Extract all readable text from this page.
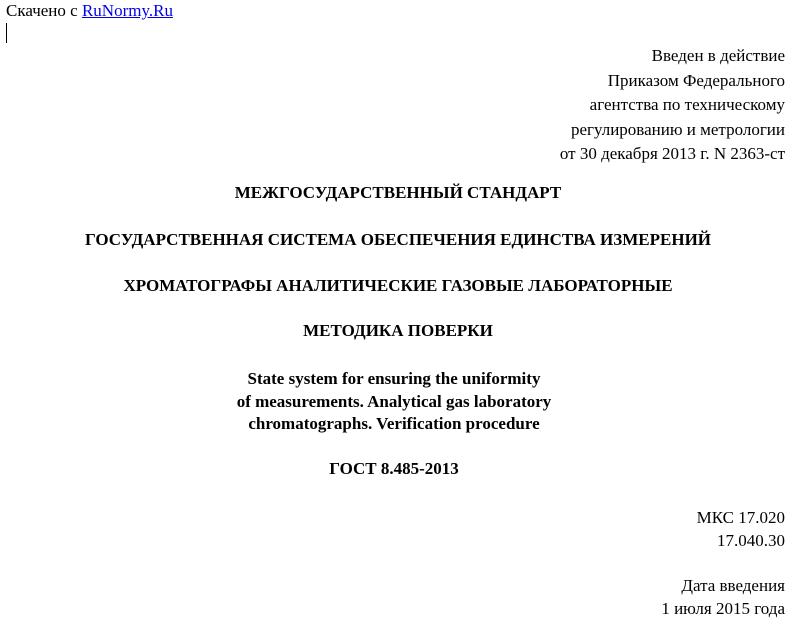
Скачено с RuNormy.Ru
Введен в действие
Приказом Федерального
агентства по техническому
регулированию и метрологии
от 30 декабря 2013 г. N 2363-ст
МЕЖГОСУДАРСТВЕННЫЙ СТАНДАРТ
ГОСУДАРСТВЕННАЯ СИСТЕМА ОБЕСПЕЧЕНИЯ ЕДИНСТВА ИЗМЕРЕНИЙ
ХРОМАТОГРАФЫ АНАЛИТИЧЕСКИЕ ГАЗОВЫЕ ЛАБОРАТОРНЫЕ
МЕТОДИКА ПОВЕРКИ
State system for ensuring the uniformity
of measurements. Analytical gas laboratory
chromatographs. Verification procedure
ГОСТ 8.485-2013
МКС 17.020
17.040.30
Дата введения
1 июля 2015 года
